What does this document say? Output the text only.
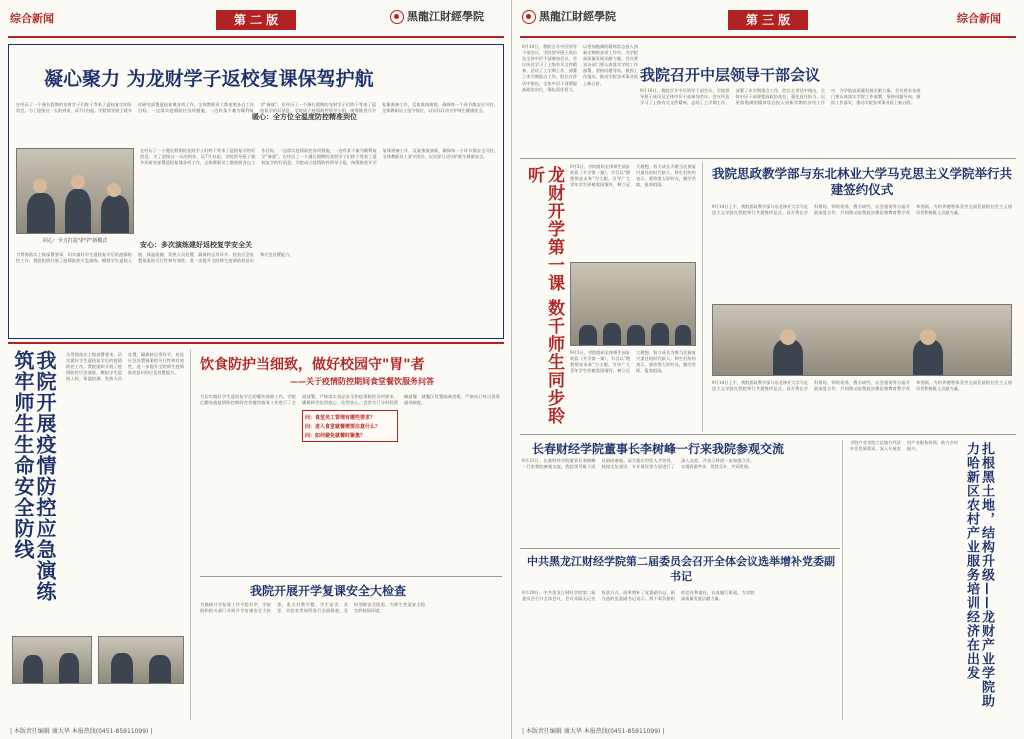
综合新闻	第 二 版	黑龍江財經學院
凝心聚力 为龙财学子返校复课保驾护航
在经历了一个漫长假期的龙财学子们终于等来了返校复学的好消息。为了迎接这一天的到来，从7月份起，学院领导班子就多次研究部署返校复课各项工作，全体教职员工都按照各自工作目标，一边落实疫情防控各项措施，一边有条不紊为顺利复学"备战"。在经历了一个漫长假期的龙财学子们终于等来了返校复学的好消息，学院成立疫情防控领导小组，统筹推进开学复课准备工作，反复推演演练，确保每一个环节都安全可控。全体教职员工坚守岗位，以实际行动守护师生健康安全。
同心：全力打造"护学"新模式
在经历了一个漫长假期的龙财学子们终于等来了返校复学的好消息。为了迎接这一天的到来，从7月份起，学院领导班子就多次研究部署返校复课各项工作，全体教职员工都按照各自工作目标，一边落实疫情防控各项措施，一边有条不紊为顺利复学"备战"。在经历了一个漫长假期的龙财学子们终于等来了返校复学的好消息，学院成立疫情防控领导小组，统筹推进开学复课准备工作，反复推演演练，确保每一个环节都安全可控。全体教职员工坚守岗位，以实际行动守护师生健康安全。
暖心：全方位全温度防控精准到位
安心：多次演练建好返校复学安全关
为贯彻落实上级部署要求，切实做好学生返校复学后的疫情防控工作，我院组织开展了疫情防控应急演练，模拟学生返校入校、体温检测、发热人员处置、隔离转运等环节，检验应急处置预案的可行性和有效性，进一步提升全院师生疫情防控意识和应急处置能力。
我院开展疫情防控应急演练 筑牢师生生命安全防线	为贯彻落实上级部署要求，切实做好学生返校复学后的疫情防控工作，我院组织开展了疫情防控应急演练，模拟学生返校入校、体温检测、发热人员处置、隔离转运等环节，检验应急处置预案的可行性和有效性，进一步提升全院师生疫情防控意识和应急处置能力。	饮食防护当细致，做好校园守"胃"者
——关于疫情防控期间食堂餐饮服务问答
为切实做好学生返校复学后的餐饮保障工作，学院后勤处就疫情防控期间食堂餐饮服务工作进行了全面部署，严格落实食品安全和疫情防控各项要求，确保师生吃得放心、吃得安心。食堂实行分时段错峰就餐，就餐区设置隔离挡板，严格执行每日消毒通风制度。
问：食堂员工管理有哪些要求？
问：进入食堂就餐需要注意什么？
问：如何避免就餐时聚集？
| 本版责任编辑 谢大华 本报热线(0451-85911099) |
黑龍江財經學院	第 三 版	综合新闻
9月10日，我院召开中层领导干部会议，学院领导班子成员及全体中层干部参加会议。会议传达学习了上级有关文件精神，总结了上学期工作，部署了本学期重点工作。院长在讲话中指出，全体中层干部要提高政治站位，强化责任担当，以更加饱满的精神状态投入到新学期的各项工作中，为学院高质量发展贡献力量。会议要求各部门要认真落实学院工作部署，坚持问题导向，狠抓工作落实，推动学院各项事业再上新台阶。	我院召开中层领导干部会议
9月10日，我院召开中层领导干部会议，学院领导班子成员及全体中层干部参加会议。会议传达学习了上级有关文件精神，总结了上学期工作，部署了本学期重点工作。院长在讲话中指出，全体中层干部要提高政治站位，强化责任担当，以更加饱满的精神状态投入到新学期的各项工作中，为学院高质量发展贡献力量。会议要求各部门要认真落实学院工作部署，坚持问题导向，狠抓工作落实，推动学院各项事业再上新台阶。
龙财开学第一课 数千师生同步聆听	9月5日，学院组织全体师生同步收看《开学第一课》，节目以"理想照亮未来"为主题，引导广大青年学生厚植爱国情怀，树立远大理想，努力成长为堪当民族复兴重任的时代新人。师生们纷纷表示，要珍惜大好时光，勤学苦练，报效祖国。
9月5日，学院组织全体师生同步收看《开学第一课》，节目以"理想照亮未来"为主题，引导广大青年学生厚植爱国情怀，树立远大理想，努力成长为堪当民族复兴重任的时代新人。师生们纷纷表示，要珍惜大好时光，勤学苦练，报效祖国。
我院思政教学部与东北林业大学马克思主义学院举行共建签约仪式
9月14日上午，我院思政教学部与东北林业大学马克思主义学院在我院举行共建签约仪式。双方将在学科建设、师资培养、教学研究、社会服务等方面开展深度合作，共同推动思想政治理论课教育教学改革创新，为培养德智体美劳全面发展的社会主义建设者和接班人贡献力量。
9月14日上午，我院思政教学部与东北林业大学马克思主义学院在我院举行共建签约仪式。双方将在学科建设、师资培养、教学研究、社会服务等方面开展深度合作，共同推动思想政治理论课教育教学改革创新，为培养德智体美劳全面发展的社会主义建设者和接班人贡献力量。
长春财经学院董事长李树峰一行来我院参观交流
9月23日，长春财经学院董事长李树峰一行来我院参观交流，我院领导班子成员陪同参观。双方就应用型人才培养、校园文化建设、专业建设等方面进行了深入交流，并表示将进一步加强合作，实现资源共享、优势互补、共同发展。
中共黑龙江财经学院第二届委员会召开全体会议选举增补党委副书记
9月29日，中共黑龙江财经学院第二届委员会召开全体会议，会议采取无记名投票方式，选举增补了党委副书记。新当选的党委副书记表示，将不辜负组织的信任和重托，认真履行职责，为学院高质量发展贡献力量。
学院产业学院立足地方经济社会发展需求，深入开展农村产业服务培训，助力乡村振兴。	扎根黑土地，结构升级——龙财产业学院助力哈新区农村产业服务培训经济在出发
| 本版责任编辑 谢大华 本报热线(0451-85911099) |
我院开展开学复课安全大检查
为确保开学复课工作平稳有序，学院组织相关部门开展开学复课安全大检查，重点对教学楼、学生宿舍、食堂、实验室等场所进行全面排查，及时消除安全隐患，为师生营造安全稳定的校园环境。
